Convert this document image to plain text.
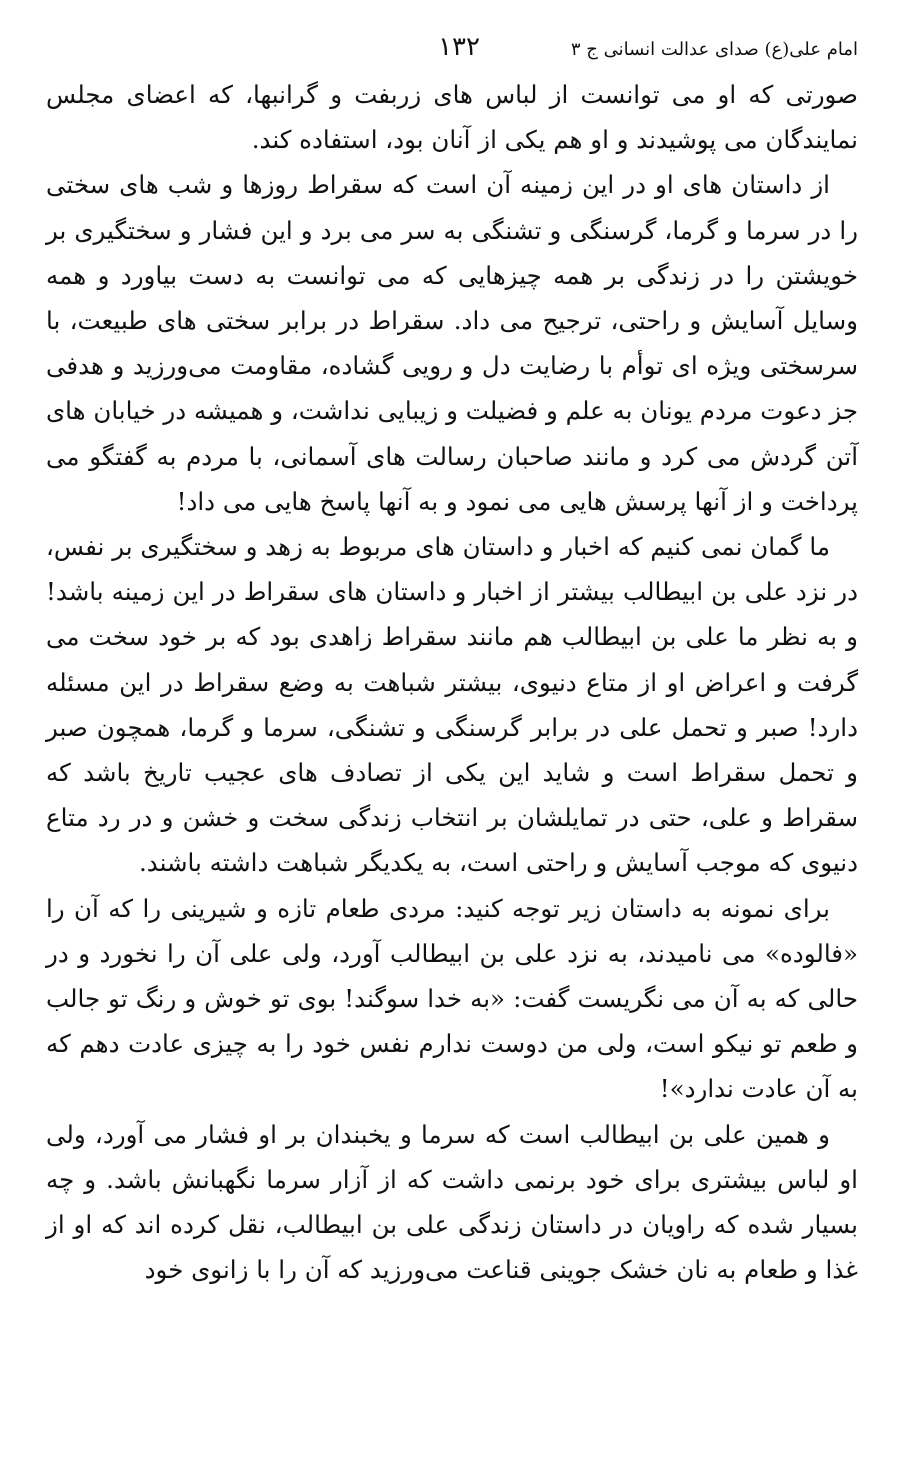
امام علی(ع) صدای عدالت انسانی ج ۳
۱۳۲

صورتی که او می توانست از لباس های زربفت و گرانبها، که اعضای مجلس نمایندگان می پوشیدند و او هم یکی از آنان بود، استفاده کند.

از داستان های او در این زمینه آن است که سقراط روزها و شب های سختی را در سرما و گرما، گرسنگی و تشنگی به سر می برد و این فشار و سختگیری بر خویشتن را در زندگی بر همه چیزهایی که می توانست به دست بیاورد و همه وسایل آسایش و راحتی، ترجیح می داد. سقراط در برابر سختی های طبیعت، با سرسختی ویژه ای توأم با رضایت دل و رویی گشاده، مقاومت می‌ورزید و هدفی جز دعوت مردم یونان به علم و فضیلت و زیبایی نداشت، و همیشه در خیابان های آتن گردش می کرد و مانند صاحبان رسالت های آسمانی، با مردم به گفتگو می پرداخت و از آنها پرسش هایی می نمود و به آنها پاسخ هایی می داد!

ما گمان نمی کنیم که اخبار و داستان های مربوط به زهد و سختگیری بر نفس، در نزد علی بن ابیطالب بیشتر از اخبار و داستان های سقراط در این زمینه باشد! و به نظر ما علی بن ابیطالب هم مانند سقراط زاهدی بود که بر خود سخت می گرفت و اعراض او از متاع دنیوی، بیشتر شباهت به وضع سقراط در این مسئله دارد! صبر و تحمل علی در برابر گرسنگی و تشنگی، سرما و گرما، همچون صبر و تحمل سقراط است و شاید این یکی از تصادف های عجیب تاریخ باشد که سقراط و علی، حتی در تمایلشان بر انتخاب زندگی سخت و خشن و در رد متاع دنیوی که موجب آسایش و راحتی است، به یکدیگر شباهت داشته باشند.

برای نمونه به داستان زیر توجه کنید: مردی طعام تازه و شیرینی را که آن را «فالوده» می نامیدند، به نزد علی بن ابیطالب آورد، ولی علی آن را نخورد و در حالی که به آن می نگریست گفت: «به خدا سوگند! بوی تو خوش و رنگ تو جالب و طعم تو نیکو است، ولی من دوست ندارم نفس خود را به چیزی عادت دهم که به آن عادت ندارد»!

و همین علی بن ابیطالب است که سرما و یخبندان بر او فشار می آورد، ولی او لباس بیشتری برای خود برنمی داشت که از آزار سرما نگهبانش باشد. و چه بسیار شده که راویان در داستان زندگی علی بن ابیطالب، نقل کرده اند که او از غذا و طعام به نان خشک جوینی قناعت می‌ورزید که آن را با زانوی خود
